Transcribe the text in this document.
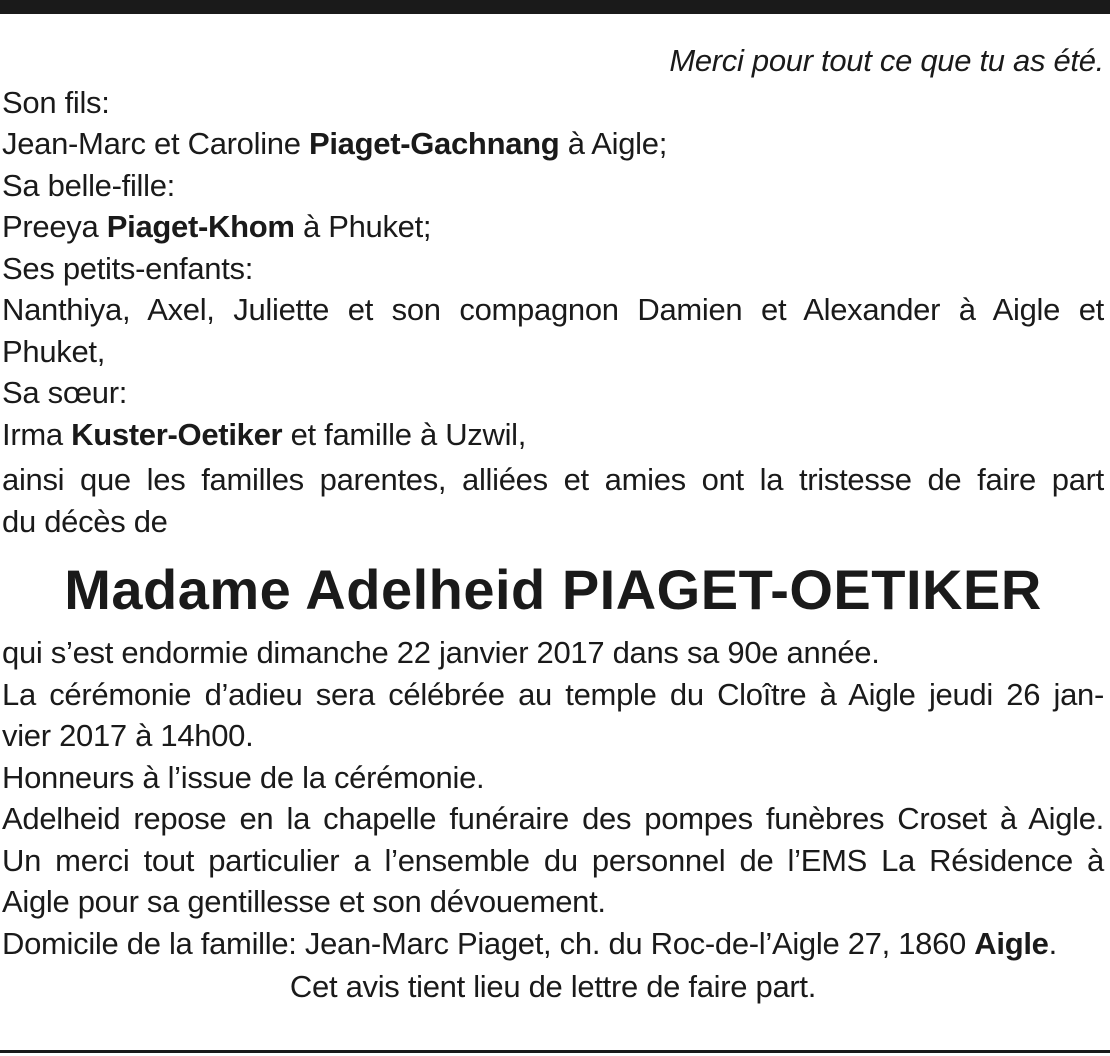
Merci pour tout ce que tu as été.
Son fils:
Jean-Marc et Caroline Piaget-Gachnang à Aigle;
Sa belle-fille:
Preeya Piaget-Khom à Phuket;
Ses petits-enfants:
Nanthiya, Axel, Juliette et son compagnon Damien et Alexander à Aigle et
Phuket,
Sa sœur:
Irma Kuster-Oetiker et famille à Uzwil,
ainsi que les familles parentes, alliées et amies ont la tristesse de faire part
du décès de
Madame Adelheid PIAGET-OETIKER
qui s’est endormie dimanche 22 janvier 2017 dans sa 90e année.
La cérémonie d’adieu sera célébrée au temple du Cloître à Aigle jeudi 26 jan-
vier 2017 à 14h00.
Honneurs à l’issue de la cérémonie.
Adelheid repose en la chapelle funéraire des pompes funèbres Croset à Aigle.
Un merci tout particulier a l’ensemble du personnel de l’EMS La Résidence à
Aigle pour sa gentillesse et son dévouement.
Domicile de la famille: Jean-Marc Piaget, ch. du Roc-de-l’Aigle 27, 1860 Aigle.
Cet avis tient lieu de lettre de faire part.
